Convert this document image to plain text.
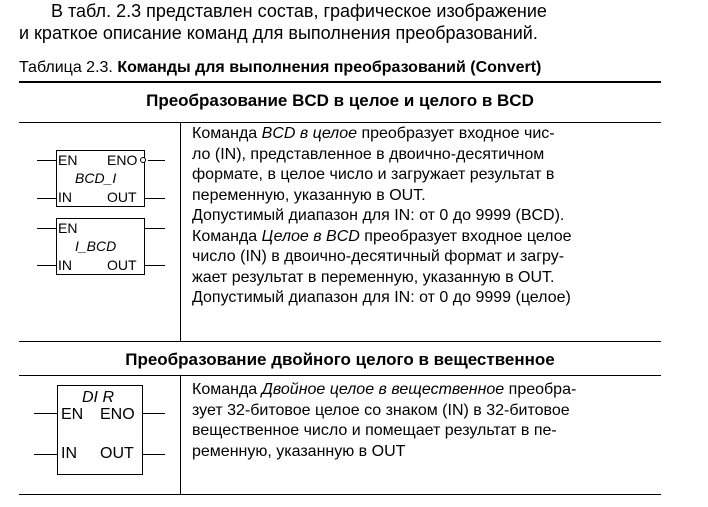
В табл. 2.3 представлен состав, графическое изображение
и краткое описание команд для выполнения преобразований.
Таблица 2.3. Команды для выполнения преобразований (Convert)
Преобразование BCD в целое и целого в BCD
EN ENO
BCD_I
IN	OUT
EN
I_BCD
IN	OUT
Команда BCD в целое преобразует входное чис-
ло (IN), представленное в двоично-десятичном
формате, в целое число и загружает результат в
переменную, указанную в OUT.
Допустимый диапазон для IN: от 0 до 9999 (BCD).
Команда Целое в BCD преобразует входное целое
число (IN) в двоично-десятичный формат и загру-
жает результат в переменную, указанную в OUT.
Допустимый диапазон для IN: от 0 до 9999 (целое)
Преобразование двойного целого в вещественное
DI R
EN ENO
IN OUT
Команда Двойное целое в вещественное преобра-
зует 32-битовое целое со знаком (IN) в 32-битовое
вещественное число и помещает результат в пе-
ременную, указанную в OUT
